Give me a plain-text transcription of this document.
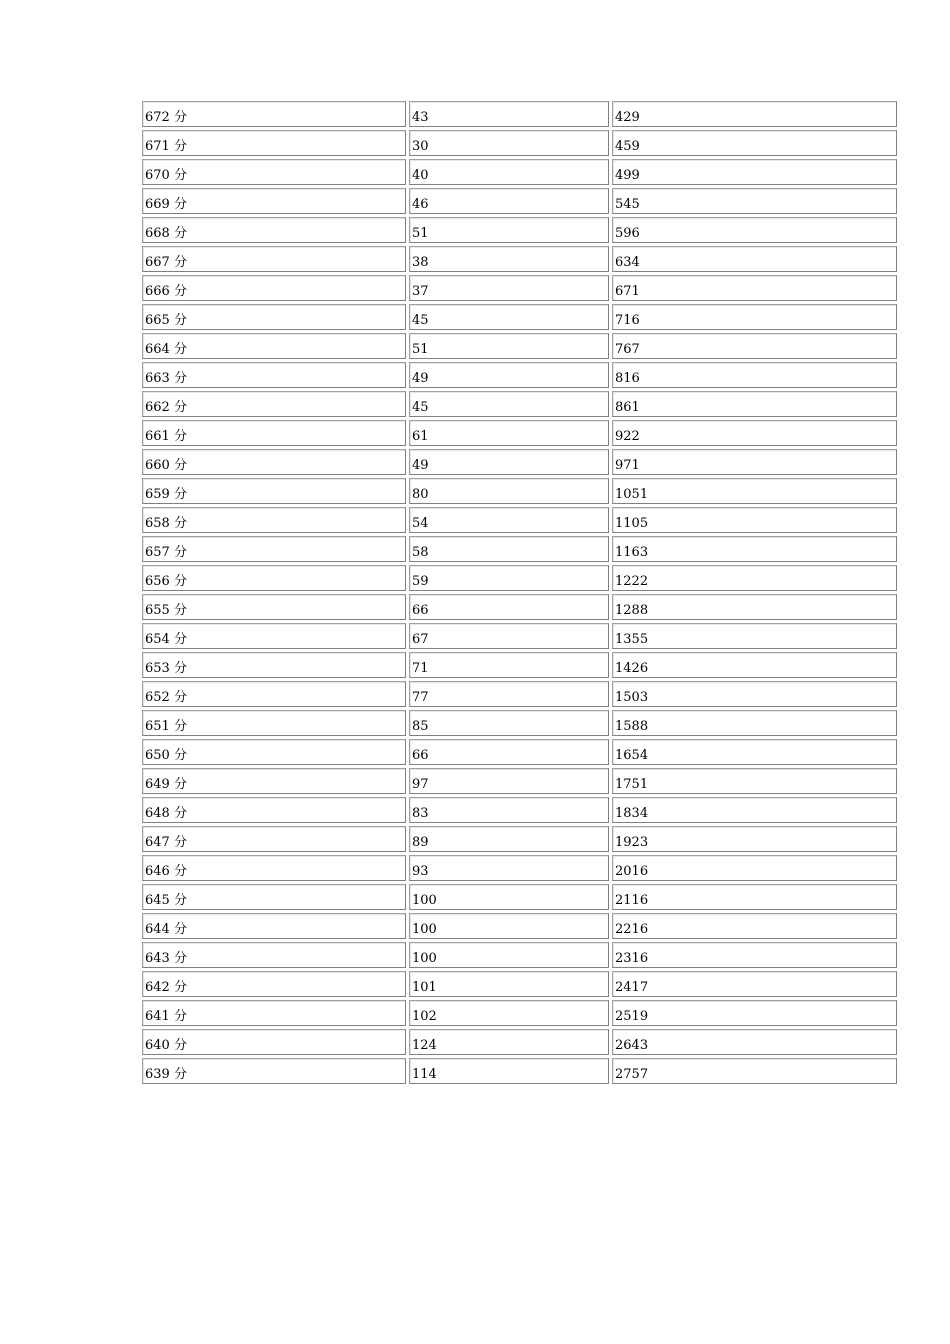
672 分	43	429
671 分	30	459
670 分	40	499
669 分	46	545
668 分	51	596
667 分	38	634
666 分	37	671
665 分	45	716
664 分	51	767
663 分	49	816
662 分	45	861
661 分	61	922
660 分	49	971
659 分	80	1051
658 分	54	1105
657 分	58	1163
656 分	59	1222
655 分	66	1288
654 分	67	1355
653 分	71	1426
652 分	77	1503
651 分	85	1588
650 分	66	1654
649 分	97	1751
648 分	83	1834
647 分	89	1923
646 分	93	2016
645 分	100	2116
644 分	100	2216
643 分	100	2316
642 分	101	2417
641 分	102	2519
640 分	124	2643
639 分	114	2757
